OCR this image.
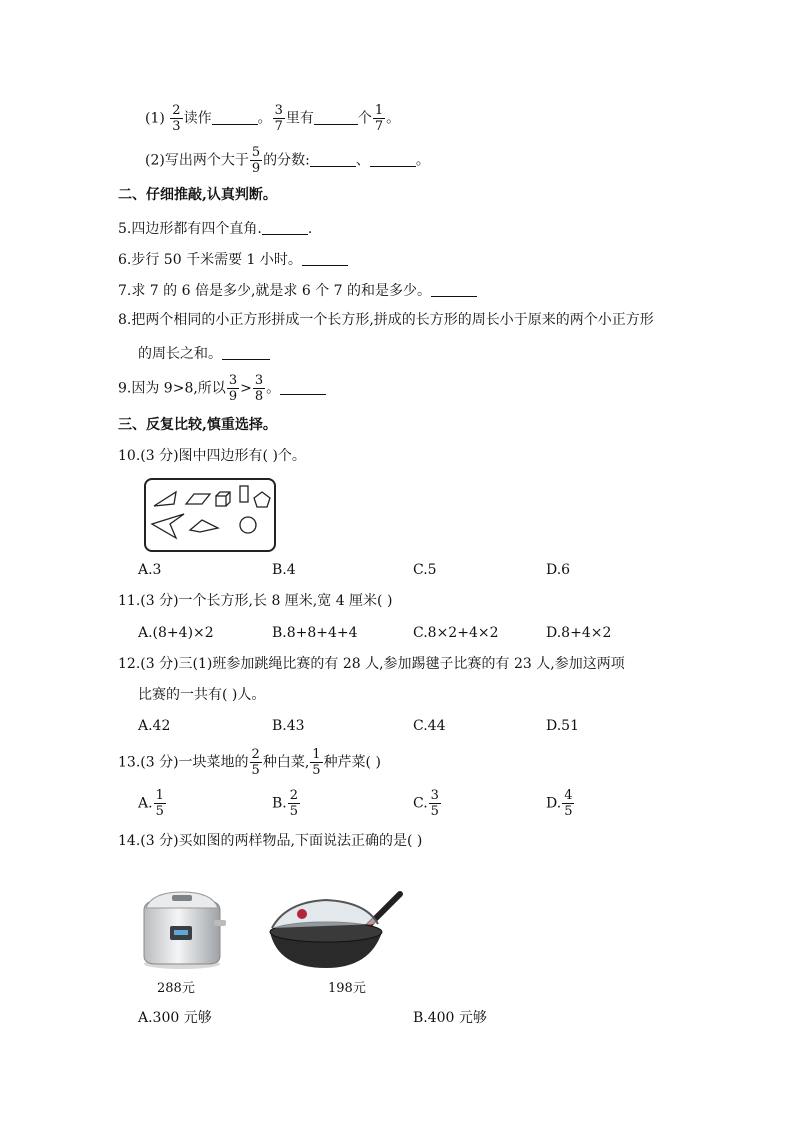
$(1) \frac{2}{3}$ 读作	。 $\frac{3}{7}$ 里有	个 $\frac{1}{7}$ 。
(2)写出两个大于 $\frac{5}{9}$ 的分数:	、	。
二、仔细推敲,认真判断。
5.四边形都有四个直角.	.
6.步行 50 千米需要 1 小时。
7.求 7 的 6 倍是多少,就是求 6 个 7 的和是多少。
8.把两个相同的小正方形拼成一个长方形,拼成的长方形的周长小于原来的两个小正方形
的周长之和。
9.因为 9>8,所以 $\frac{3}{9} > \frac{3}{8}$ 。
三、反复比较,慎重选择。
10.(3 分)图中四边形有( )个。
A.3	B.4	C.5	D.6
11.(3 分)一个长方形,长 8 厘米,宽 4 厘米( )
A.(8+4)×2	B.8+8+4+4	C.8×2+4×2	D.8+4×2
12.(3 分)三(1)班参加跳绳比赛的有 28 人,参加踢毽子比赛的有 23 人,参加这两项
比赛的一共有( )人。
A.42	B.43	C.44	D.51
13.(3 分)一块菜地的 $\frac{2}{5}$ 种白菜, $\frac{1}{5}$ 种芹菜( )
A. $\frac{1}{5}$	B. $\frac{2}{5}$	C. $\frac{3}{5}$	D. $\frac{4}{5}$
14.(3 分)买如图的两样物品,下面说法正确的是( )
288元	198元
A.300 元够	B.400 元够
